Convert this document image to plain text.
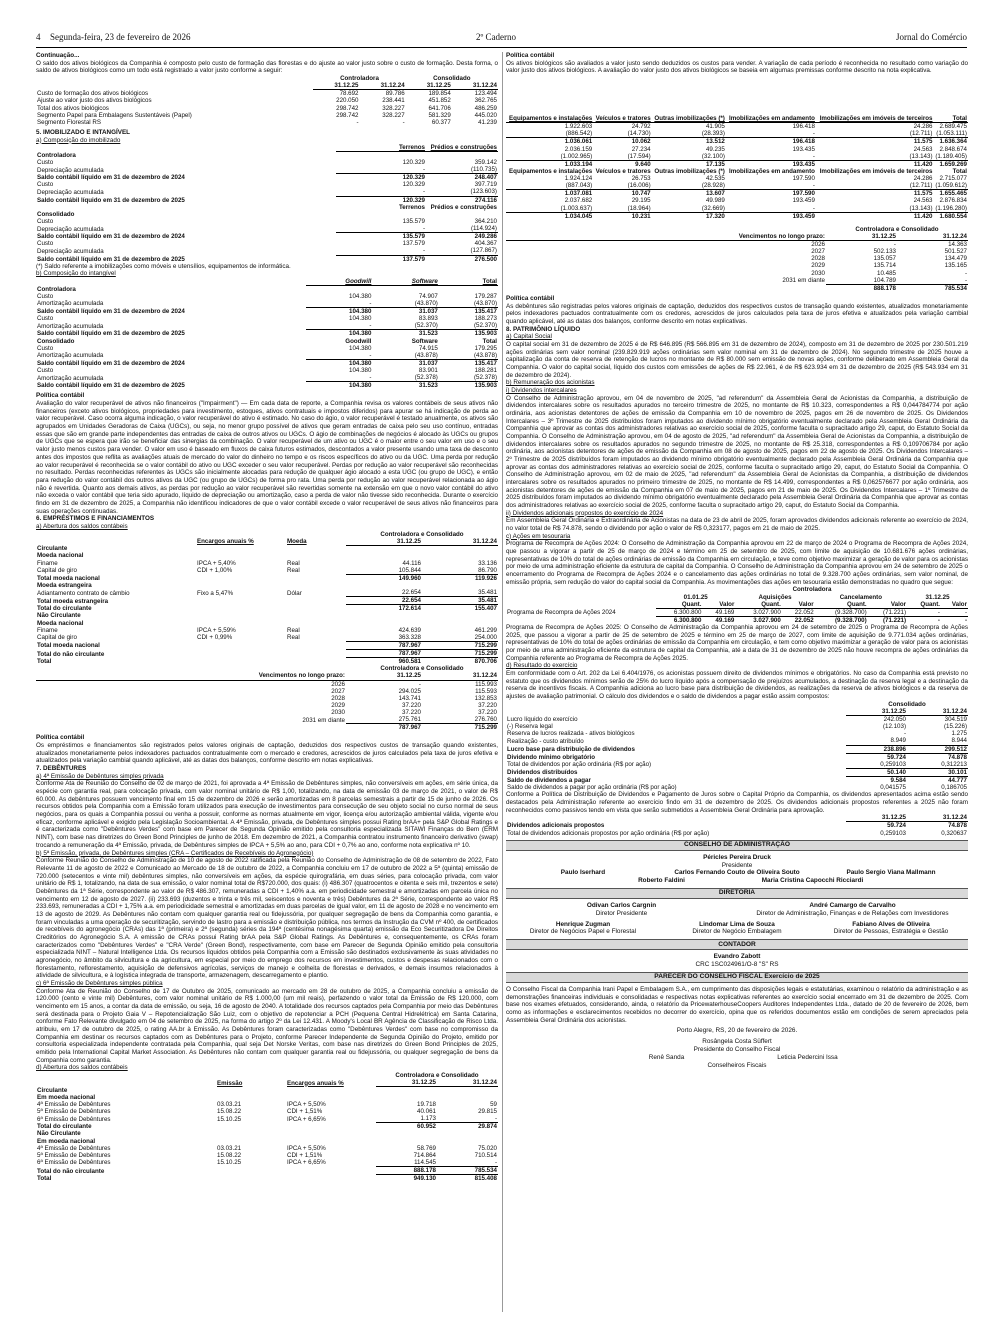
4 Segunda-feira, 23 de fevereiro de 2026	2º Caderno	Jornal do Comércio

Continuação...

O saldo dos ativos biológicos da Companhia é composto pelo custo de formação das florestas e do ajuste ao valor justo sobre o custo de formação. Desta forma, o saldo de ativos biológicos como um todo está registrado a valor justo conforme a seguir:

	Controladora		Consolidado	
	31.12.25	31.12.24	31.12.25	31.12.24
Custo de formação dos ativos biológicos	78.692	89.786	189.854	123.494
Ajuste ao valor justo dos ativos biológicos	220.050	238.441	451.852	362.765
Total dos ativos biológicos	298.742	328.227	641.706	486.259
Segmento Papel para Embalagens Sustentáveis (Papel)	298.742	328.227	581.329	445.020
Segmento Florestal RS	-	-	60.377	41.239

5. IMOBILIZADO E INTANGÍVEL

a) Composição do imobilizado

	Terrenos	Prédios e construções
Controladora		
Custo	120.329	359.142
Depreciação acumulada	-	(110.735)
Saldo contábil líquido em 31 de dezembro de 2024	120.329	248.407
Custo	120.329	397.719
Depreciação acumulada	-	(123.603)
Saldo contábil líquido em 31 de dezembro de 2025	120.329	274.116
	Terrenos	Prédios e construções
Consolidado		
Custo	135.579	364.210
Depreciação acumulada	-	(114.924)
Saldo contábil líquido em 31 de dezembro de 2024	135.579	249.286
Custo	137.579	404.367
Depreciação acumulada	-	(127.867)
Saldo contábil líquido em 31 de dezembro de 2025	137.579	276.500

(*) Saldo referente a imobilizações como móveis e utensílios, equipamentos de informática.

b) Composição do intangível

	Goodwill	Software	Total
Controladora			
Custo	104.380	74.907	179.287
Amortização acumulada	-	(43.870)	(43.870)
Saldo contábil líquido em 31 de dezembro de 2024	104.380	31.037	135.417
Custo	104.380	83.893	188.273
Amortização acumulada	-	(52.370)	(52.370)
Saldo contábil líquido em 31 de dezembro de 2025	104.380	31.523	135.903
Consolidado	Goodwill	Software	Total
Custo	104.380	74.915	179.295
Amortização acumulada	-	(43.878)	(43.878)
Saldo contábil líquido em 31 de dezembro de 2024	104.380	31.037	135.417
Custo	104.380	83.901	188.281
Amortização acumulada	-	(52.378)	(52.378)
Saldo contábil líquido em 31 de dezembro de 2025	104.380	31.523	135.903

Política contábil

Avaliação do valor recuperável de ativos não financeiros ("Impairment") — Em cada data de reporte, a Companhia revisa os valores contábeis de seus ativos não financeiros (exceto ativos biológicos, propriedades para investimento, estoques, ativos contratuais e impostos diferidos) para apurar se há indicação de perda ao valor recuperável. Caso ocorra alguma indicação, o valor recuperável do ativo é estimado. No caso do ágio, o valor recuperável é testado anualmente, os ativos são agrupados em Unidades Geradoras de Caixa (UGCs), ou seja, no menor grupo possível de ativos que geram entradas de caixa pelo seu uso contínuo, entradas essas que são em grande parte independentes das entradas de caixa de outros ativos ou UGCs. O ágio de combinações de negócios é alocado às UGCs ou grupos de UGCs que se espera que irão se beneficiar das sinergias da combinação. O valor recuperável de um ativo ou UGC é o maior entre o seu valor em uso e o seu valor justo menos custos para vender. O valor em uso é baseado em fluxos de caixa futuros estimados, descontados a valor presente usando uma taxa de desconto antes dos impostos que reflita as avaliações atuais de mercado do valor do dinheiro no tempo e os riscos específicos do ativo ou da UGC. Uma perda por redução ao valor recuperável é reconhecida se o valor contábil do ativo ou UGC exceder o seu valor recuperável. Perdas por redução ao valor recuperável são reconhecidas no resultado. Perdas reconhecidas referentes às UGCs são inicialmente alocadas para redução de qualquer ágio alocado a esta UGC (ou grupo de UGC), e então para redução do valor contábil dos outros ativos da UGC (ou grupo de UGCs) de forma pro rata. Uma perda por redução ao valor recuperável relacionada ao ágio não é revertida. Quanto aos demais ativos, as perdas por redução ao valor recuperável são revertidas somente na extensão em que o novo valor contábil do ativo não exceda o valor contábil que teria sido apurado, líquido de depreciação ou amortização, caso a perda de valor não tivesse sido reconhecida. Durante o exercício findo em 31 de dezembro de 2025, a Companhia não identificou indicadores de que o valor contábil excede o valor recuperável de seus ativos não financeiros para suas operações continuadas.

6. EMPRÉSTIMOS E FINANCIAMENTOS

a) Abertura dos saldos contábeis

			Controladora e Consolidado	
	Encargos anuais %	Moeda	31.12.25	31.12.24
Circulante				
Moeda nacional				
Finame	IPCA + 5,40%	Real	44.116	33.136
Capital de giro	CDI + 1,00%	Real	105.844	86.790
Total moeda nacional			149.960	119.926
Moeda estrangeira				
Adiantamento contrato de câmbio	Fixo a 5,47%	Dólar	22.654	35.481
Total moeda estrangeira			22.654	35.481
Total do circulante			172.614	155.407
Não Circulante				
Moeda nacional				
Finame	IPCA + 5,59%	Real	424.639	461.299
Capital de giro	CDI + 0,99%	Real	363.328	254.000
Total moeda nacional			787.967	715.299
Total do não circulante			787.967	715.299
Total			960.581	870.706
	Controladora e Consolidado	
Vencimentos no longo prazo:	31.12.25	31.12.24
2026	-	115.993
2027	294.025	115.593
2028	143.741	132.853
2029	37.220	37.220
2030	37.220	37.220
2031 em diante	275.761	276.760
	787.967	715.299

Política contábil

Os empréstimos e financiamentos são registrados pelos valores originais de captação, deduzidos dos respectivos custos de transação quando existentes, atualizados monetariamente pelos indexadores pactuados contratualmente com o mercado e credores, acrescidos de juros calculados pela taxa de juros efetiva e atualizados pela variação cambial quando aplicável, até as datas dos balanços, conforme descrito em notas explicativas.

7. DEBÊNTURES

a) 4ª Emissão de Debêntures simples privada

Conforme Ata de Reunião do Conselho de 02 de março de 2021, foi aprovada a 4ª Emissão de Debêntures simples, não conversíveis em ações, em série única, da espécie com garantia real, para colocação privada, com valor nominal unitário de R$ 1,00, totalizando, na data de emissão 03 de março de 2021, o valor de R$ 60.000. As debêntures possuem vencimento final em 15 de dezembro de 2026 e serão amortizadas em 8 parcelas semestrais a partir de 15 de junho de 2026. Os recursos obtidos pela Companhia com a Emissão foram utilizados para execução de investimentos para consecução de seu objeto social no curso normal de seus negócios, para os quais a Companhia possui ou venha a possuir, conforme as normas atualmente em vigor, licença e/ou autorização ambiental válida, vigente e/ou eficaz, conforme aplicável e exigido pela Legislação Socioambiental. A 4ª Emissão, privada, de Debêntures simples possui Rating brAA+ pela S&P Global Ratings e é caracterizada como "Debêntures Verdes" com base em Parecer de Segunda Opinião emitido pela consultoria especializada SITAWI Finanças do Bem (ERM NINT), com base nas diretrizes do Green Bond Principles de junho de 2018. Em dezembro de 2021, a Companhia contratou instrumento financeiro derivativo (swap) trocando a remuneração da 4ª Emissão, privada, de Debêntures simples de IPCA + 5,5% ao ano, para CDI + 0,7% ao ano, conforme nota explicativa nº 10.

b) 5ª Emissão, privada, de Debêntures simples (CRA – Certificados de Recebíveis do Agronegócio)

Conforme Reunião do Conselho de Administração de 10 de agosto de 2022 ratificada pela Reunião do Conselho de Administração de 08 de setembro de 2022, Fato Relevante 11 de agosto de 2022 e Comunicado ao Mercado de 18 de outubro de 2022, a Companhia concluiu em 17 de outubro de 2022 a 5ª (quinta) emissão de 720.000 (setecentos e vinte mil) debêntures simples, não conversíveis em ações, da espécie quirografária, em duas séries, para colocação privada, com valor unitário de R$ 1, totalizando, na data de sua emissão, o valor nominal total de R$720.000, dos quais: (i) 486.307 (quatrocentos e oitenta e seis mil, trezentos e sete) Debêntures da 1ª Série, correspondente ao valor de R$ 486.307, remuneradas a CDI + 1,40% a.a. em periodicidade semestral e amortizadas em parcela única no vencimento em 12 de agosto de 2027. (ii) 233.693 (duzentos e trinta e três mil, seiscentos e noventa e três) Debêntures da 2ª Série, correspondente ao valor R$ 233.693, remuneradas a CDI + 1,75% a.a. em periodicidade semestral e amortizadas em duas parcelas de igual valor, em 11 de agosto de 2028 e no vencimento em 13 de agosto de 2029. As Debêntures não contam com qualquer garantia real ou fidejussória, por qualquer segregação de bens da Companhia como garantia, e foram vinculadas a uma operação de securitização, servindo de lastro para a emissão e distribuição pública, nos termos da Instrução da CVM nº 400, de certificados de recebíveis do agronegócio (CRAs) das 1ª (primeira) e 2ª (segunda) séries da 194ª (centésima nonagésima quarta) emissão da Eco Securitizadora De Direitos Creditórios do Agronegócio S.A. A emissão de CRAs possui Rating brAA pela S&P Global Ratings. As Debêntures e, consequentemente, os CRAs foram caracterizados como "Debêntures Verdes" e "CRA Verde" (Green Bond), respectivamente, com base em Parecer de Segunda Opinião emitido pela consultoria especializada NINT – Natural Intelligence Ltda. Os recursos líquidos obtidos pela Companhia com a Emissão são destinados exclusivamente às suas atividades no agronegócio, no âmbito da silvicultura e da agricultura, em especial por meio do emprego dos recursos em investimentos, custos e despesas relacionados com o florestamento, reflorestamento, aquisição de defensivos agrícolas, serviços de manejo e colheita de florestas e derivados, e demais insumos relacionados à atividade de silvicultura, e à logística integrada de transporte, armazenagem, descarregamento e plantio.

c) 6ª Emissão de Debêntures simples pública

Conforme Ata de Reunião do Conselho de 17 de Outubro de 2025, comunicado ao mercado em 28 de outubro de 2025, a Companhia concluiu a emissão de 120.000 (cento e vinte mil) Debêntures, com valor nominal unitário de R$ 1.000,00 (um mil reais), perfazendo o valor total da Emissão de R$ 120.000, com vencimento em 15 anos, a contar da data de emissão, ou seja, 16 de agosto de 2040. A totalidade dos recursos captados pela Companhia por meio das Debêntures será destinada para o Projeto Gaia V – Repotencialização São Luiz, com o objetivo de repotenciar a PCH (Pequena Central Hidrelétrica) em Santa Catarina, conforme Fato Relevante divulgado em 04 de setembro de 2025, na forma do artigo 2º da Lei 12.431. A Moody's Local BR Agência de Classificação de Risco Ltda. atribuiu, em 17 de outubro de 2025, o rating AA.br à Emissão. As Debêntures foram caracterizadas como "Debêntures Verdes" com base no compromisso da Companhia em destinar os recursos captados com as Debêntures para o Projeto, conforme Parecer Independente de Segunda Opinião do Projeto, emitido por consultoria especializada independente contratada pela Companhia, qual seja Det Norske Veritas, com base nas diretrizes do Green Bond Principles de 2025, emitido pela International Capital Market Association. As Debêntures não contam com qualquer garantia real ou fidejussória, ou qualquer segregação de bens da Companhia como garantia.

d) Abertura dos saldos contábeis

			Controladora e Consolidado	
	Emissão	Encargos anuais %	31.12.25	31.12.24
Circulante				
Em moeda nacional				
4ª Emissão de Debêntures	03.03.21	IPCA + 5,50%	19.718	59
5ª Emissão de Debêntures	15.08.22	CDI + 1,51%	40.061	29.815
6ª Emissão de Debêntures	15.10.25	IPCA + 6,65%	1.173	-
Total do circulante			60.952	29.874
Não Circulante				
Em moeda nacional				
4ª Emissão de Debêntures	03.03.21	IPCA + 5,50%	58.769	75.020
5ª Emissão de Debêntures	15.08.22	CDI + 1,51%	714.864	710.514
6ª Emissão de Debêntures	15.10.25	IPCA + 6,65%	114.545	-
Total do não circulante			888.178	785.534
Total			949.130	815.408

Política contábil

Os ativos biológicos são avaliados a valor justo sendo deduzidos os custos para vender. A variação de cada período é reconhecida no resultado como variação do valor justo dos ativos biológicos. A avaliação do valor justo dos ativos biológicos se baseia em algumas premissas conforme descrito na nota explicativa.

Equipamentos e instalações	Veículos e tratores	Outras imobilizações (*)	Imobilizações em andamento	Imobilizações em imóveis de terceiros	Total
1.922.603	24.792	41.905	196.418	24.286	2.689.475
(886.542)	(14.730)	(28.393)	-	(12.711)	(1.053.111)
1.036.061	10.062	13.512	196.418	11.575	1.636.364
2.036.159	27.234	49.235	193.435	24.563	2.848.674
(1.002.965)	(17.594)	(32.100)	-	(13.143)	(1.189.405)
1.033.194	9.640	17.135	193.435	11.420	1.659.269
Equipamentos e instalações	Veículos e tratores	Outras imobilizações (*)	Imobilizações em andamento	Imobilizações em imóveis de terceiros	Total
1.924.124	26.753	42.535	197.590	24.286	2.715.077
(887.043)	(16.006)	(28.928)	-	(12.711)	(1.059.612)
1.037.081	10.747	13.607	197.590	11.575	1.655.465
2.037.682	29.195	49.989	193.459	24.563	2.876.834
(1.003.637)	(18.964)	(32.669)	-	(13.143)	(1.196.280)
1.034.045	10.231	17.320	193.459	11.420	1.680.554
	Controladora e Consolidado	
Vencimentos no longo prazo:	31.12.25	31.12.24
2026	-	14.363
2027	502.133	501.527
2028	135.057	134.479
2029	135.714	135.165
2030	10.485	-
2031 em diante	104.789	-
	888.178	785.534

Política contábil

As debêntures são registradas pelos valores originais de captação, deduzidos dos respectivos custos de transação quando existentes, atualizados monetariamente pelos indexadores pactuados contratualmente com os credores, acrescidos de juros calculados pela taxa de juros efetiva e atualizados pela variação cambial quando aplicável, até as datas dos balanços, conforme descrito em notas explicativas.

8. PATRIMÔNIO LÍQUIDO

a) Capital Social

O capital social em 31 de dezembro de 2025 é de R$ 646.895 (R$ 566.895 em 31 de dezembro de 2024), composto em 31 de dezembro de 2025 por 230.501.219 ações ordinárias sem valor nominal (239.829.919 ações ordinárias sem valor nominal em 31 de dezembro de 2024). No segundo trimestre de 2025 houve a capitalização da conta de reserva de retenção de lucros no montante de R$ 80.000 sem emissão de novas ações, conforme deliberado em Assembleia Geral da Companhia. O valor do capital social, líquido dos custos com emissões de ações de R$ 22.961, é de R$ 623.934 em 31 de dezembro de 2025 (R$ 543.934 em 31 de dezembro de 2024).

b) Remuneração dos acionistas

i) Dividendos intercalares

O Conselho de Administração aprovou, em 04 de novembro de 2025, "ad referendum" da Assembleia Geral de Acionistas da Companhia, a distribuição de dividendos intercalares sobre os resultados apurados no terceiro trimestre de 2025, no montante de R$ 10.323, correspondentes a R$ 0,044784774 por ação ordinária, aos acionistas detentores de ações de emissão da Companhia em 10 de novembro de 2025, pagos em 26 de novembro de 2025. Os Dividendos Intercalares – 3º Trimestre de 2025 distribuídos foram imputados ao dividendo mínimo obrigatório eventualmente declarado pela Assembleia Geral Ordinária da Companhia que aprovar as contas dos administradores relativas ao exercício social de 2025, conforme faculta o supracitado artigo 29, caput, do Estatuto Social da Companhia. O Conselho de Administração aprovou, em 04 de agosto de 2025, "ad referendum" da Assembleia Geral de Acionistas da Companhia, a distribuição de dividendos intercalares sobre os resultados apurados no segundo trimestre de 2025, no montante de R$ 25.318, correspondentes a R$ 0,109706784 por ação ordinária, aos acionistas detentores de ações de emissão da Companhia em 08 de agosto de 2025, pagos em 22 de agosto de 2025. Os Dividendos Intercalares – 2º Trimestre de 2025 distribuídos foram imputados ao dividendo mínimo obrigatório eventualmente declarado pela Assembleia Geral Ordinária da Companhia que aprovar as contas dos administradores relativas ao exercício social de 2025, conforme faculta o supracitado artigo 29, caput, do Estatuto Social da Companhia. O Conselho de Administração aprovou, em 02 de maio de 2025, "ad referendum" da Assembleia Geral de Acionistas da Companhia, a distribuição de dividendos intercalares sobre os resultados apurados no primeiro trimestre de 2025, no montante de R$ 14.499, correspondentes a R$ 0,062576677 por ação ordinária, aos acionistas detentores de ações de emissão da Companhia em 07 de maio de 2025, pagos em 21 de maio de 2025. Os Dividendos Intercalares – 1º Trimestre de 2025 distribuídos foram imputados ao dividendo mínimo obrigatório eventualmente declarado pela Assembleia Geral Ordinária da Companhia que aprovar as contas dos administradores relativas ao exercício social de 2025, conforme faculta o supracitado artigo 29, caput, do Estatuto Social da Companhia.

ii) Dividendos adicionais propostos do exercício de 2024

Em Assembleia Geral Ordinária e Extraordinária de Acionistas na data de 23 de abril de 2025, foram aprovados dividendos adicionais referente ao exercício de 2024, no valor total de R$ 74.878, sendo o dividendo por ação o valor de R$ 0,323177, pagos em 21 de maio de 2025.

c) Ações em tesouraria

Programa de Recompra de Ações 2024: O Conselho de Administração da Companhia aprovou em 22 de março de 2024 o Programa de Recompra de Ações 2024, que passou a vigorar a partir de 25 de março de 2024 e término em 25 de setembro de 2025, com limite de aquisição de 10.681.676 ações ordinárias, representativas de 10% do total de ações ordinárias de emissão da Companhia em circulação, e teve como objetivo maximizar a geração de valor para os acionistas por meio de uma administração eficiente da estrutura de capital da Companhia. O Conselho de Administração da Companhia aprovou em 24 de setembro de 2025 o encerramento do Programa de Recompra de Ações 2024 e o cancelamento das ações ordinárias no total de 9.328.700 ações ordinárias, sem valor nominal, de emissão própria, sem redução do valor do capital social da Companhia. As movimentações das ações em tesouraria estão demonstradas no quadro que segue:

	Controladora							
	01.01.25		Aquisições		Cancelamento		31.12.25	
	Quant.	Valor	Quant.	Valor	Quant.	Valor	Quant.	Valor
Programa de Recompra de Ações 2024	6.300.800	49.169	3.027.900	22.052	(9.328.700)	(71.221)	-	-
	6.300.800	49.169	3.027.900	22.052	(9.328.700)	(71.221)	-	-

Programa de Recompra de Ações 2025: O Conselho de Administração da Companhia aprovou em 24 de setembro de 2025 o Programa de Recompra de Ações 2025, que passou a vigorar a partir de 25 de setembro de 2025 e término em 25 de março de 2027, com limite de aquisição de 9.771.034 ações ordinárias, representativas de 10% do total de ações ordinárias de emissão da Companhia em circulação, e tem como objetivo maximizar a geração de valor para os acionistas por meio de uma administração eficiente da estrutura de capital da Companhia, até a data de 31 de dezembro de 2025 não houve recompra de ações ordinárias da Companhia referente ao Programa de Recompra de Ações 2025.

d) Resultado do exercício

Em conformidade com o Art. 202 da Lei 6.404/1976, os acionistas possuem direito de dividendos mínimos e obrigatórios. No caso da Companhia está previsto no estatuto que os dividendos mínimos serão de 25% do lucro líquido após a compensação de prejuízos acumulados, a destinação da reserva legal e a destinação da reserva de incentivos fiscais. A Companhia adiciona ao lucro base para distribuição de dividendos, as realizações da reserva de ativos biológicos e da reserva de ajustes de avaliação patrimonial. O cálculo dos dividendos e o saldo de dividendos a pagar estão assim compostos:

	Consolidado	
	31.12.25	31.12.24
Lucro líquido do exercício	242.050	304.519
(-) Reserva legal	(12.103)	(15.226)
Reserva de lucros realizada - ativos biológicos	-	1.275
Realização - custo atribuído	8.949	8.944
Lucro base para distribuição de dividendos	238.896	299.512

Dividendo mínimo obrigatório	59.724	74.878

Total de dividendos por ação ordinária (R$ por ação)	0,259103	0,312213
Dividendos distribuídos	50.140	30.101

Saldo de dividendos a pagar	9.584	44.777
Saldo de dividendos a pagar por ação ordinária (R$ por ação)	0,041575	0,186705

Conforme a Política de Distribuição de Dividendos e Pagamento de Juros sobre o Capital Próprio da Companhia, os dividendos apresentados acima estão sendo destacados pela Administração referente ao exercício findo em 31 de dezembro de 2025. Os dividendos adicionais propostos referentes a 2025 não foram reconhecidos como passivos tendo em vista que serão submetidos a Assembleia Geral Ordinária para aprovação.

	31.12.25	31.12.24
Dividendos adicionais propostos	59.724	74.878

Total de dividendos adicionais propostos por ação ordinária (R$ por ação)	0,259103	0,320637
CONSELHO DE ADMINISTRAÇÃO
Péricles Pereira Druck
Presidente
Paulo Iserhard	Carlos Fernando Couto de Oliveira Souto	Paulo Sergio Viana Mallmann
Roberto Faldini	Maria Cristina Capocchi Ricciardi
DIRETORIA
Odivan Carlos Cargnin
Diretor Presidente
André Camargo de Carvalho
Diretor de Administração, Finanças e de Relações com Investidores
Henrique Zugman
Diretor de Negócios Papel e Florestal
Lindomar Lima de Souza
Diretor de Negócio Embalagem
Fabiano Alves de Oliveira
Diretor de Pessoas, Estratégia e Gestão
CONTADOR
Evandro Zabott
CRC 1SC024961/O-8 "S" RS
PARECER DO CONSELHO FISCAL Exercício de 2025

O Conselho Fiscal da Companhia Irani Papel e Embalagem S.A., em cumprimento das disposições legais e estatutárias, examinou o relatório da administração e as demonstrações financeiras individuais e consolidadas e respectivas notas explicativas referentes ao exercício social encerrado em 31 de dezembro de 2025. Com base nos exames efetuados, considerando, ainda, o relatório da PricewaterhouseCoopers Auditores Independentes Ltda., datado de 20 de fevereiro de 2026, bem como as informações e esclarecimentos recebidos no decorrer do exercício, opina que os referidos documentos estão em condições de serem apreciados pela Assembleia Geral Ordinária dos acionistas.

Porto Alegre, RS, 20 de fevereiro de 2026.
Rosângela Costa Süffert
Presidente do Conselho Fiscal
Renê Sanda	Leticia Pedercini Issa
Conselheiros Fiscais
